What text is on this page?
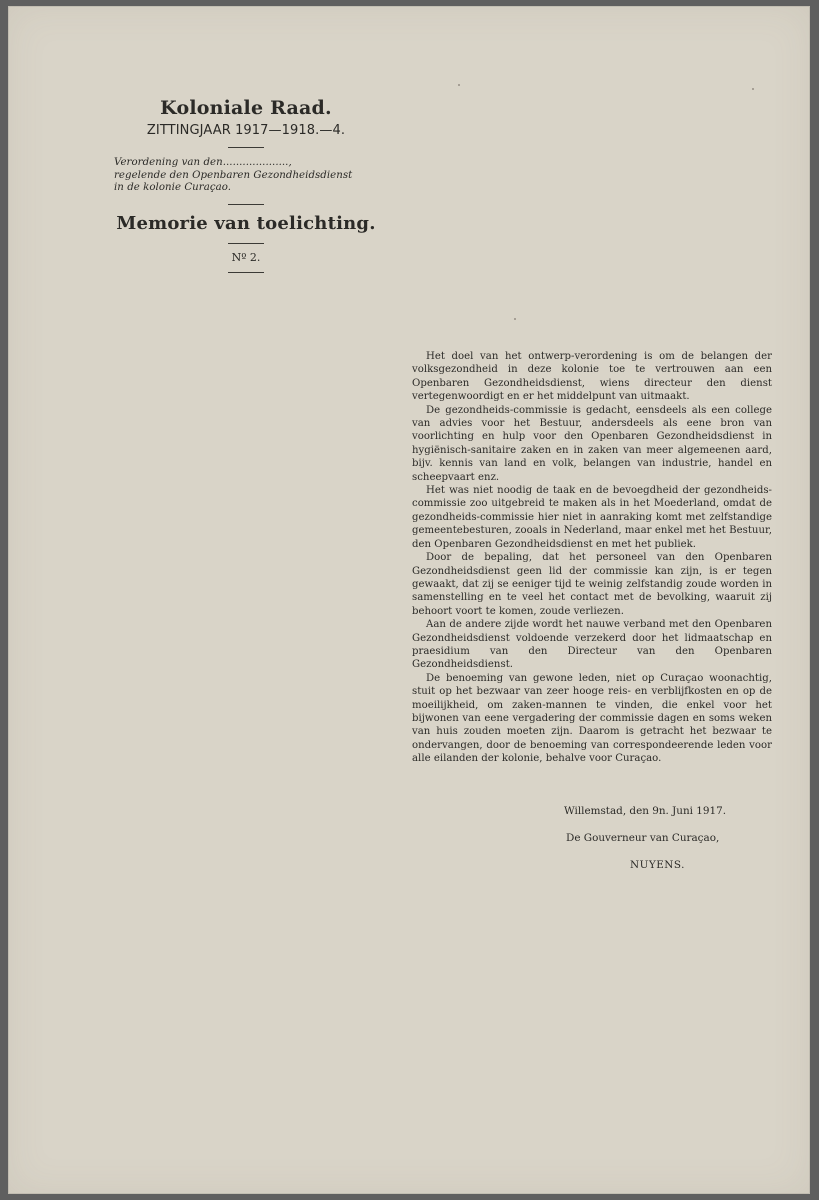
Koloniale Raad.
ZITTINGJAAR 1917—1918.—4.
Verordening van den....................,
regelende den Openbaren Gezondheidsdienst
in de kolonie Curaçao.
Memorie van toelichting.
Nº 2.

Het doel van het ontwerp-verordening is om de belangen der volksgezondheid in deze kolonie toe te vertrouwen aan een Openbaren Gezondheidsdienst, wiens directeur den dienst vertegenwoordigt en er het middelpunt van uitmaakt.

De gezondheids-commissie is gedacht, eensdeels als een college van advies voor het Bestuur, andersdeels als eene bron van voorlichting en hulp voor den Openbaren Gezondheidsdienst in hygiënisch-sanitaire zaken en in zaken van meer algemeenen aard, bijv. kennis van land en volk, belangen van industrie, handel en scheepvaart enz.

Het was niet noodig de taak en de bevoegdheid der gezondheids-commissie zoo uitgebreid te maken als in het Moederland, omdat de gezondheids-commissie hier niet in aanraking komt met zelfstandige gemeentebesturen, zooals in Nederland, maar enkel met het Bestuur, den Openbaren Gezondheidsdienst en met het publiek.

Door de bepaling, dat het personeel van den Openbaren Gezondheidsdienst geen lid der commissie kan zijn, is er tegen gewaakt, dat zij se eeniger tijd te weinig zelfstandig zoude worden in samenstelling en te veel het contact met de bevolking, waaruit zij behoort voort te komen, zoude verliezen.

Aan de andere zijde wordt het nauwe verband met den Openbaren Gezondheidsdienst voldoende verzekerd door het lidmaatschap en praesidium van den Directeur van den Openbaren Gezondheidsdienst.

De benoeming van gewone leden, niet op Curaçao woonachtig, stuit op het bezwaar van zeer hooge reis- en verblijfkosten en op de moeilijkheid, om zaken-mannen te vinden, die enkel voor het bijwonen van eene vergadering der commissie dagen en soms weken van huis zouden moeten zijn. Daarom is getracht het bezwaar te ondervangen, door de benoeming van correspondeerende leden voor alle eilanden der kolonie, behalve voor Curaçao.

Willemstad, den 9n. Juni 1917.
De Gouverneur van Curaçao,
NUYENS.
